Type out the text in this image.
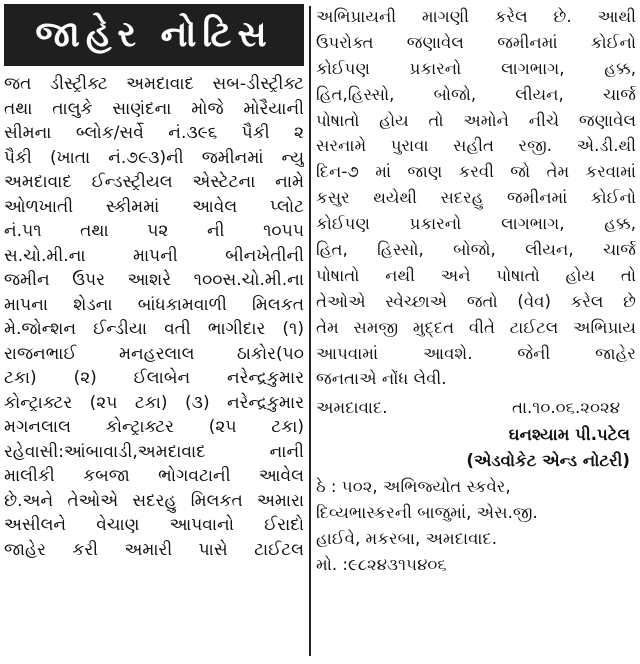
જાહેર નોટિસ
જત ડીસ્ટ્રીક્ટ અમદાવાદ સબ-ડીસ્ટ્રીક્ટ
તથા તાલુકે સાણંદના મોજે મોરૈયાની
સીમના બ્લોક/સર્વે નં.૩૯૬ પૈકી ૨
પૈકી (ખાતા નં.૭૯૩)ની જમીનમાં ન્યુ
અમદાવાદ ઈન્ડસ્ટ્રીયલ એસ્ટેટના નામે
ઓળખાતી સ્કીમમાં આવેલ પ્લોટ
નં.૫૧ તથા ૫૨ ની ૧૦૫૫
સ.ચો.મી.ના માપની બીનખેતીની
જમીન ઉપર આશરે ૧૦૦સ.ચો.મી.ના
માપના શેડના બાંધકામવાળી મિલકત
મે.જોન્શન ઈન્ડીયા વતી ભાગીદાર (૧)
રાજનભાઈ મનહરલાલ ઠાકોર(૫૦
ટકા) (૨) ઈલાબેન નરેન્દ્રકુમાર
કોન્ટ્રાક્ટર (૨૫ ટકા) (૩) નરેન્દ્રકુમાર
મગનલાલ કોન્ટ્રાક્ટર (૨૫ ટકા)
રહેવાસી:આંબાવાડી,અમદાવાદ નાની
માલીકી કબજા ભોગવટાની આવેલ
છે.અને તેઓએ સદરહુ મિલકત અમારા
અસીલને વેચાણ આપવાનો ઈરાદો
જાહેર કરી અમારી પાસે ટાઈટલ
અભિપ્રાયની માગણી કરેલ છે. આથી
ઉપરોક્ત જણાવેલ જમીનમાં કોઈનો
કોઈપણ પ્રકારનો લાગભાગ, હક્ક,
હિત,હિસ્સો, બોજો, લીયન, ચાર્જ
પોષાતો હોય તો અમોને નીચે જણાવેલ
સરનામે પુરાવા સહીત રજી. એ.ડી.થી
દિન-૭ માં જાણ કરવી જો તેમ કરવામાં
કસુર થયેથી સદરહુ જમીનમાં કોઈનો
કોઈપણ પ્રકારનો લાગભાગ, હક્ક,
હિત, હિસ્સો, બોજો, લીયન, ચાર્જ
પોષાતો નથી અને પોષાતો હોય તો
તેઓએ સ્વેચ્છાએ જતો (વેવ) કરેલ છે
તેમ સમજી મુદ્દત વીતે ટાઈટલ અભિપ્રાય
આપવામાં આવશે. જેની જાહેર
જનતાએ નોંધ લેવી.
અમદાવાદ.	તા.૧૦.૦૬.૨૦૨૪
ઘનશ્યામ પી.પટેલ
(એડવોકેટ એન્ડ નોટરી)
ઠે : ૫૦૨, અભિજ્યોત સ્કવેર,
દિવ્યભાસ્કરની બાજુમાં, એસ.જી.
હાઈવે, મકરબા, અમદાવાદ.
મો. :૯૮૨૪૩૧૫૪૦૬
